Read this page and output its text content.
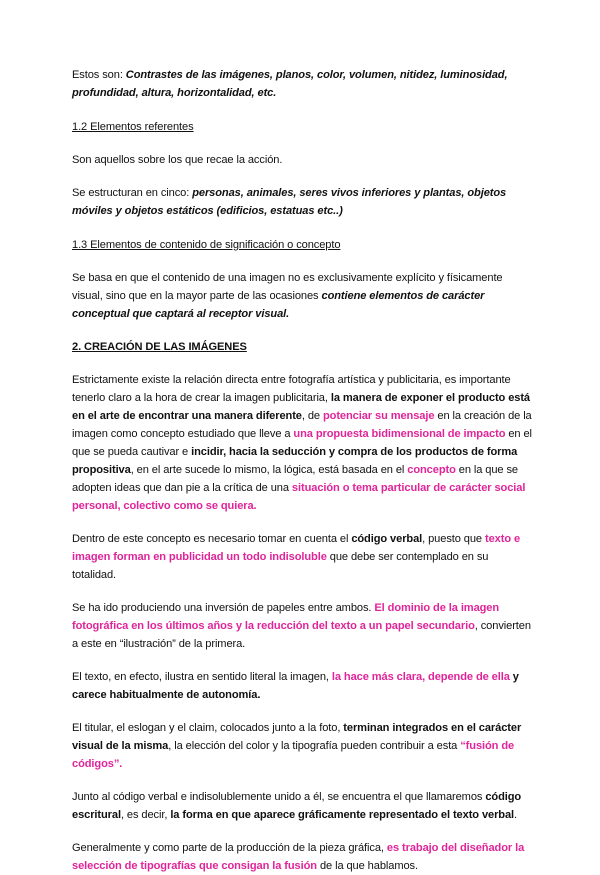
Estos son: Contrastes de las imágenes, planos, color, volumen, nitidez, luminosidad, profundidad, altura, horizontalidad, etc.

1.2 Elementos referentes

Son aquellos sobre los que recae la acción.

Se estructuran en cinco: personas, animales, seres vivos inferiores y plantas, objetos móviles y objetos estáticos (edificios, estatuas etc..)

1.3 Elementos de contenido de significación o concepto

Se basa en que el contenido de una imagen no es exclusivamente explícito y físicamente visual, sino que en la mayor parte de las ocasiones contiene elementos de carácter conceptual que captará al receptor visual.

2. CREACIÓN DE LAS IMÁGENES

Estrictamente existe la relación directa entre fotografía artística y publicitaria, es importante tenerlo claro a la hora de crear la imagen publicitaria, la manera de exponer el producto está en el arte de encontrar una manera diferente, de potenciar su mensaje en la creación de la imagen como concepto estudiado que lleve a una propuesta bidimensional de impacto en el que se pueda cautivar e incidir, hacia la seducción y compra de los productos de forma propositiva, en el arte sucede lo mismo, la lógica, está basada en el concepto en la que se adopten ideas que dan pie a la crítica de una situación o tema particular de carácter social personal, colectivo como se quiera.

Dentro de este concepto es necesario tomar en cuenta el código verbal, puesto que texto e imagen forman en publicidad un todo indisoluble que debe ser contemplado en su totalidad.

Se ha ido produciendo una inversión de papeles entre ambos. El dominio de la imagen fotográfica en los últimos años y la reducción del texto a un papel secundario, convierten a este en “ilustración” de la primera.

El texto, en efecto, ilustra en sentido literal la imagen, la hace más clara, depende de ella y carece habitualmente de autonomía.

El titular, el eslogan y el claim, colocados junto a la foto, terminan integrados en el carácter visual de la misma, la elección del color y la tipografía pueden contribuir a esta “fusión de códigos”.

Junto al código verbal e indisolublemente unido a él, se encuentra el que llamaremos código escritural, es decir, la forma en que aparece gráficamente representado el texto verbal.

Generalmente y como parte de la producción de la pieza gráfica, es trabajo del diseñador la selección de tipografías que consigan la fusión de la que hablamos.
